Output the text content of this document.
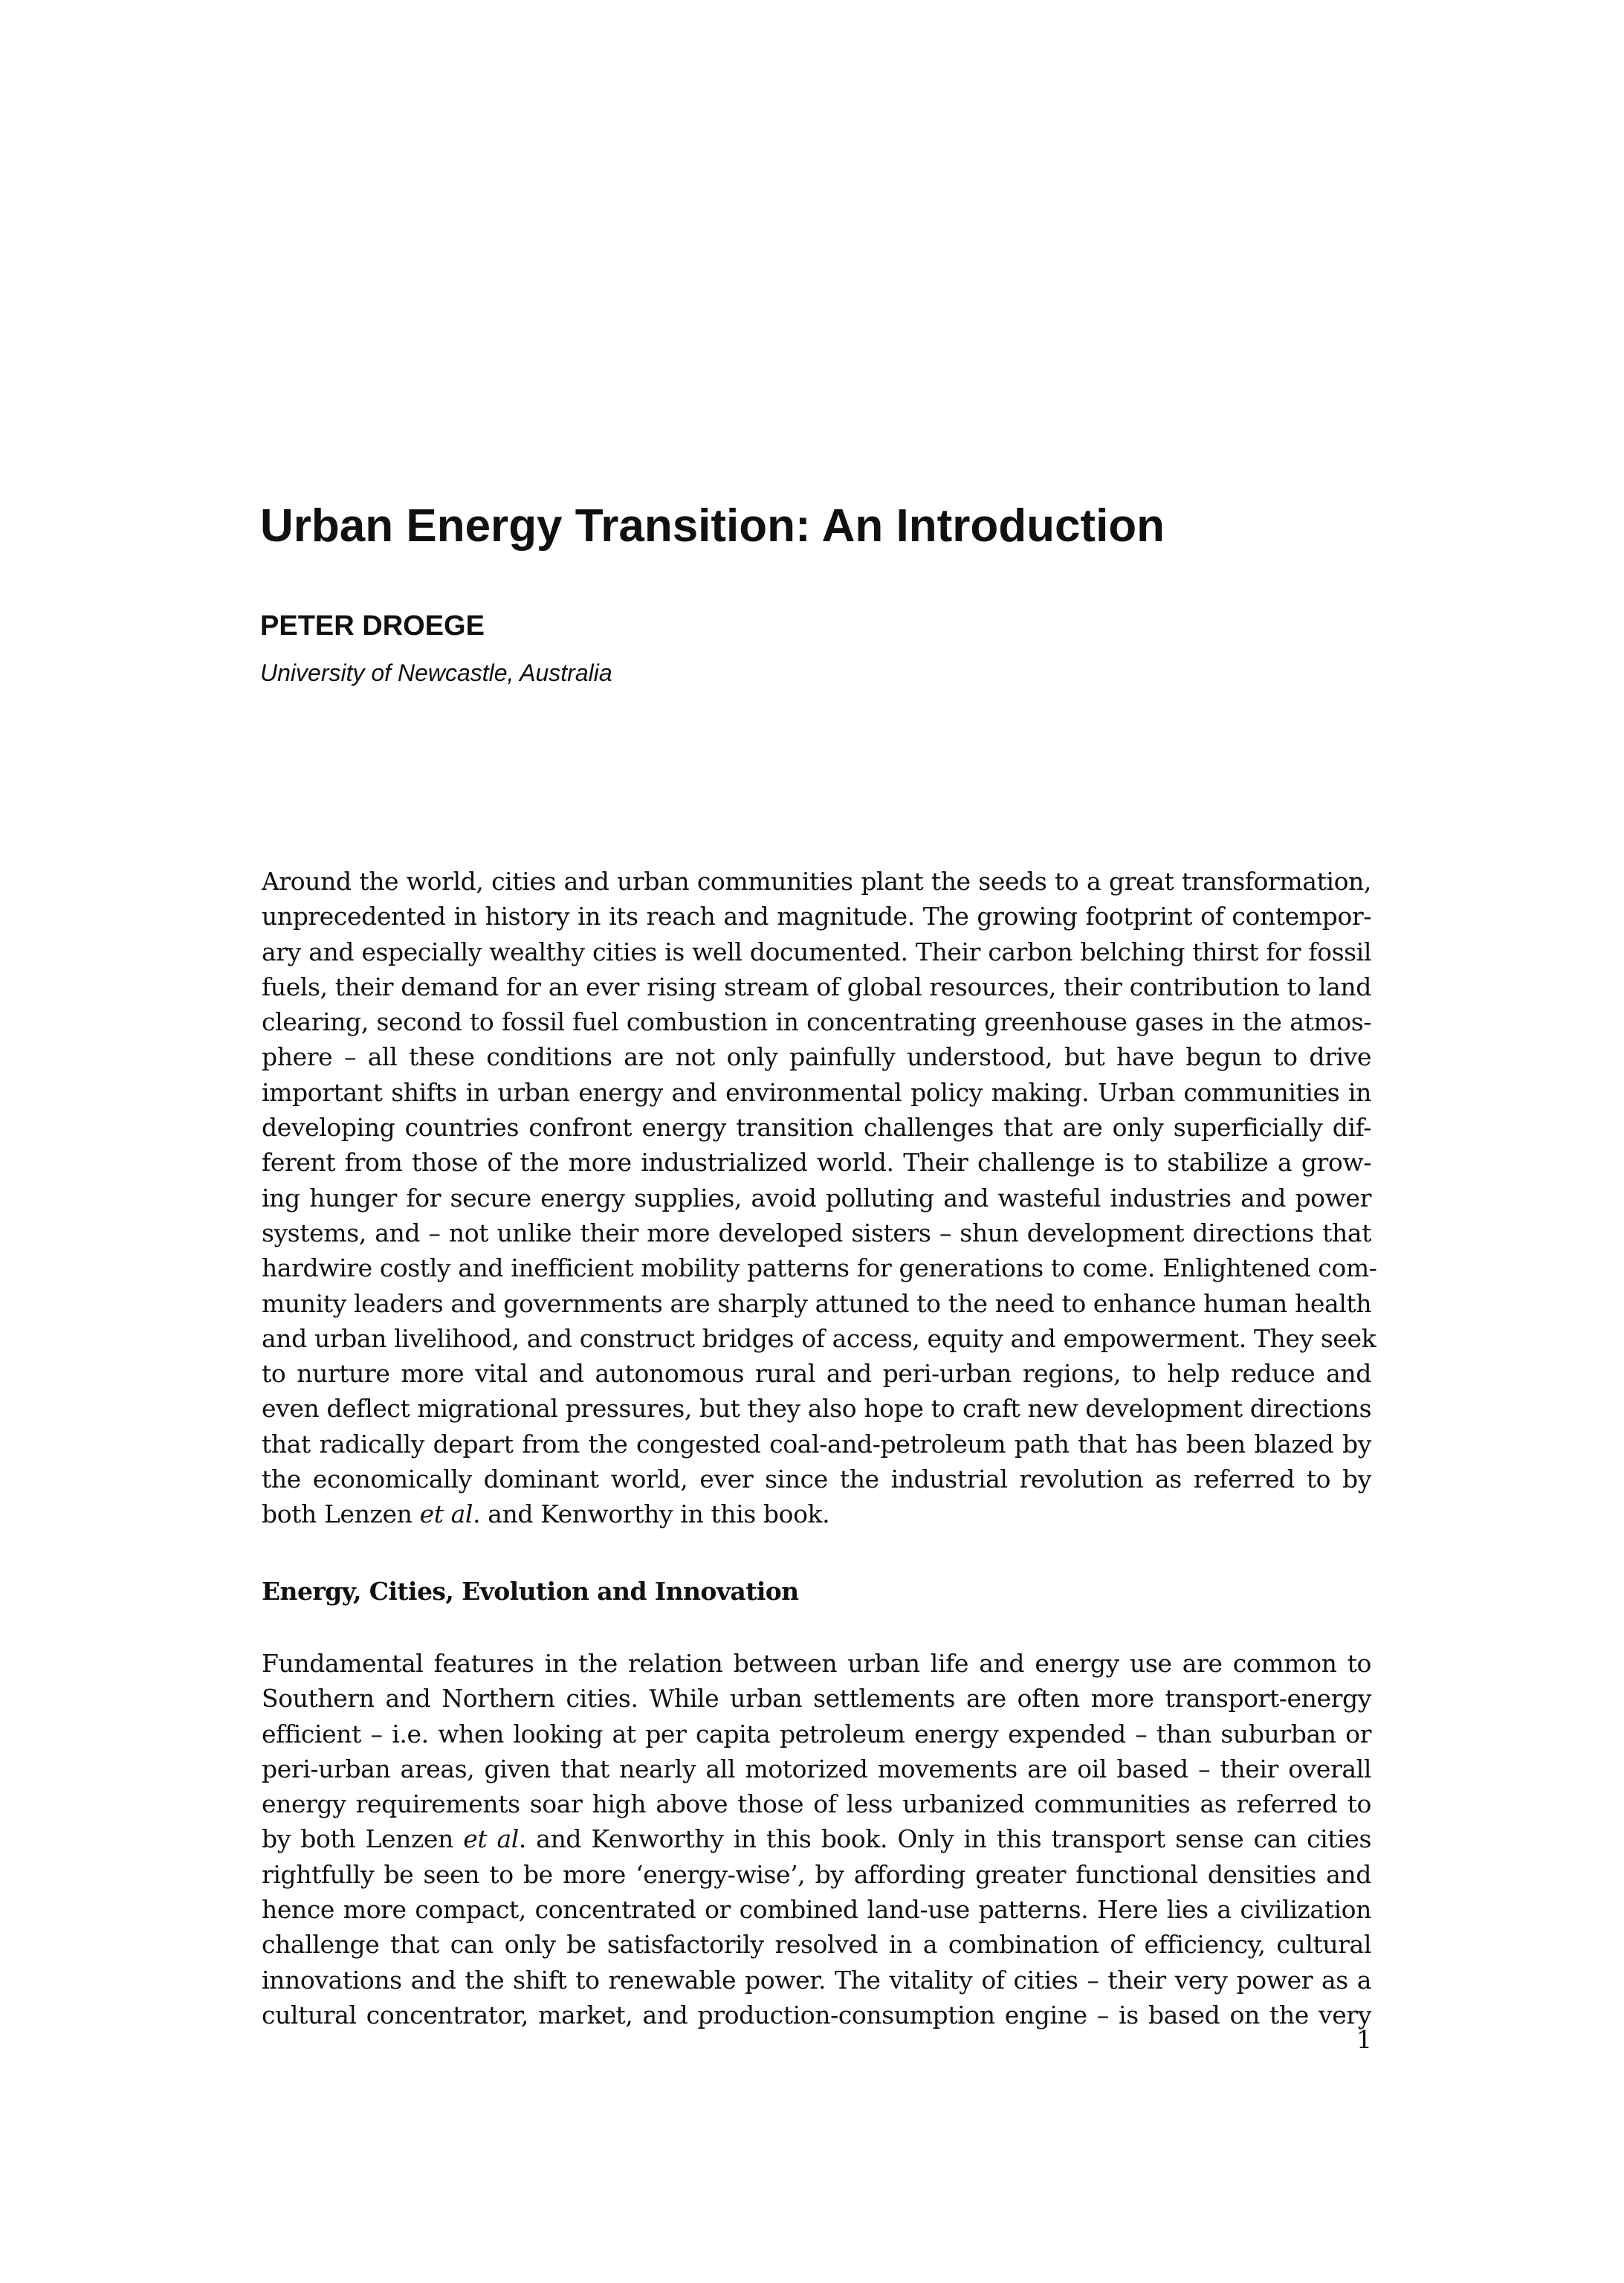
Urban Energy Transition: An Introduction

PETER DROEGE

University of Newcastle, Australia

Around the world, cities and urban communities plant the seeds to a great transformation,
unprecedented in history in its reach and magnitude. The growing footprint of contempor-
ary and especially wealthy cities is well documented. Their carbon belching thirst for fossil
fuels, their demand for an ever rising stream of global resources, their contribution to land
clearing, second to fossil fuel combustion in concentrating greenhouse gases in the atmos-
phere – all these conditions are not only painfully understood, but have begun to drive
important shifts in urban energy and environmental policy making. Urban communities in
developing countries confront energy transition challenges that are only superficially dif-
ferent from those of the more industrialized world. Their challenge is to stabilize a grow-
ing hunger for secure energy supplies, avoid polluting and wasteful industries and power
systems, and – not unlike their more developed sisters – shun development directions that
hardwire costly and inefficient mobility patterns for generations to come. Enlightened com-
munity leaders and governments are sharply attuned to the need to enhance human health
and urban livelihood, and construct bridges of access, equity and empowerment. They seek
to nurture more vital and autonomous rural and peri-urban regions, to help reduce and
even deflect migrational pressures, but they also hope to craft new development directions
that radically depart from the congested coal-and-petroleum path that has been blazed by
the economically dominant world, ever since the industrial revolution as referred to by
both Lenzen et al. and Kenworthy in this book.
Energy, Cities, Evolution and Innovation
Fundamental features in the relation between urban life and energy use are common to
Southern and Northern cities. While urban settlements are often more transport-energy
efficient – i.e. when looking at per capita petroleum energy expended – than suburban or
peri-urban areas, given that nearly all motorized movements are oil based – their overall
energy requirements soar high above those of less urbanized communities as referred to
by both Lenzen et al. and Kenworthy in this book. Only in this transport sense can cities
rightfully be seen to be more ‘energy-wise’, by affording greater functional densities and
hence more compact, concentrated or combined land-use patterns. Here lies a civilization
challenge that can only be satisfactorily resolved in a combination of efficiency, cultural
innovations and the shift to renewable power. The vitality of cities – their very power as a
cultural concentrator, market, and production-consumption engine – is based on the very

1
